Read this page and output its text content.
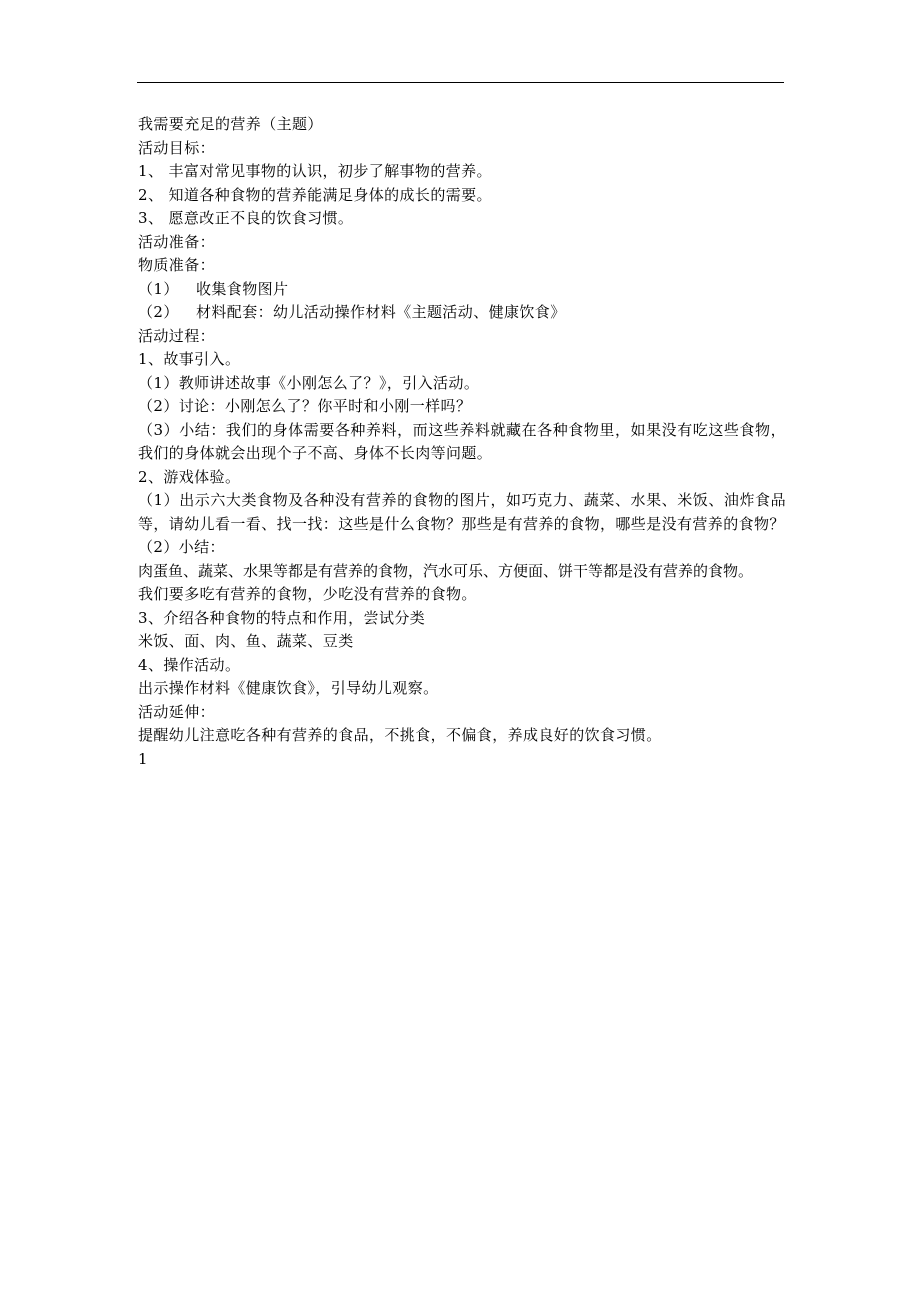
我需要充足的营养（主题）
活动目标：
1、 丰富对常见事物的认识，初步了解事物的营养。
2、 知道各种食物的营养能满足身体的成长的需要。
3、 愿意改正不良的饮食习惯。
活动准备：
物质准备：
（1） 收集食物图片
（2） 材料配套：幼儿活动操作材料《主题活动、健康饮食》
活动过程：
1、故事引入。
（1）教师讲述故事《小刚怎么了？》，引入活动。
（2）讨论：小刚怎么了？你平时和小刚一样吗？
（3）小结：我们的身体需要各种养料，而这些养料就藏在各种食物里，如果没有吃这些食物，我们的身体就会出现个子不高、身体不长肉等问题。
2、游戏体验。
（1）出示六大类食物及各种没有营养的食物的图片，如巧克力、蔬菜、水果、米饭、油炸食品等，请幼儿看一看、找一找：这些是什么食物？那些是有营养的食物，哪些是没有营养的食物？
（2）小结：
肉蛋鱼、蔬菜、水果等都是有营养的食物，汽水可乐、方便面、饼干等都是没有营养的食物。
我们要多吃有营养的食物，少吃没有营养的食物。
3、介绍各种食物的特点和作用，尝试分类
米饭、面、肉、鱼、蔬菜、豆类
4、操作活动。
出示操作材料《健康饮食》，引导幼儿观察。
活动延伸：
提醒幼儿注意吃各种有营养的食品，不挑食，不偏食，养成良好的饮食习惯。
1
